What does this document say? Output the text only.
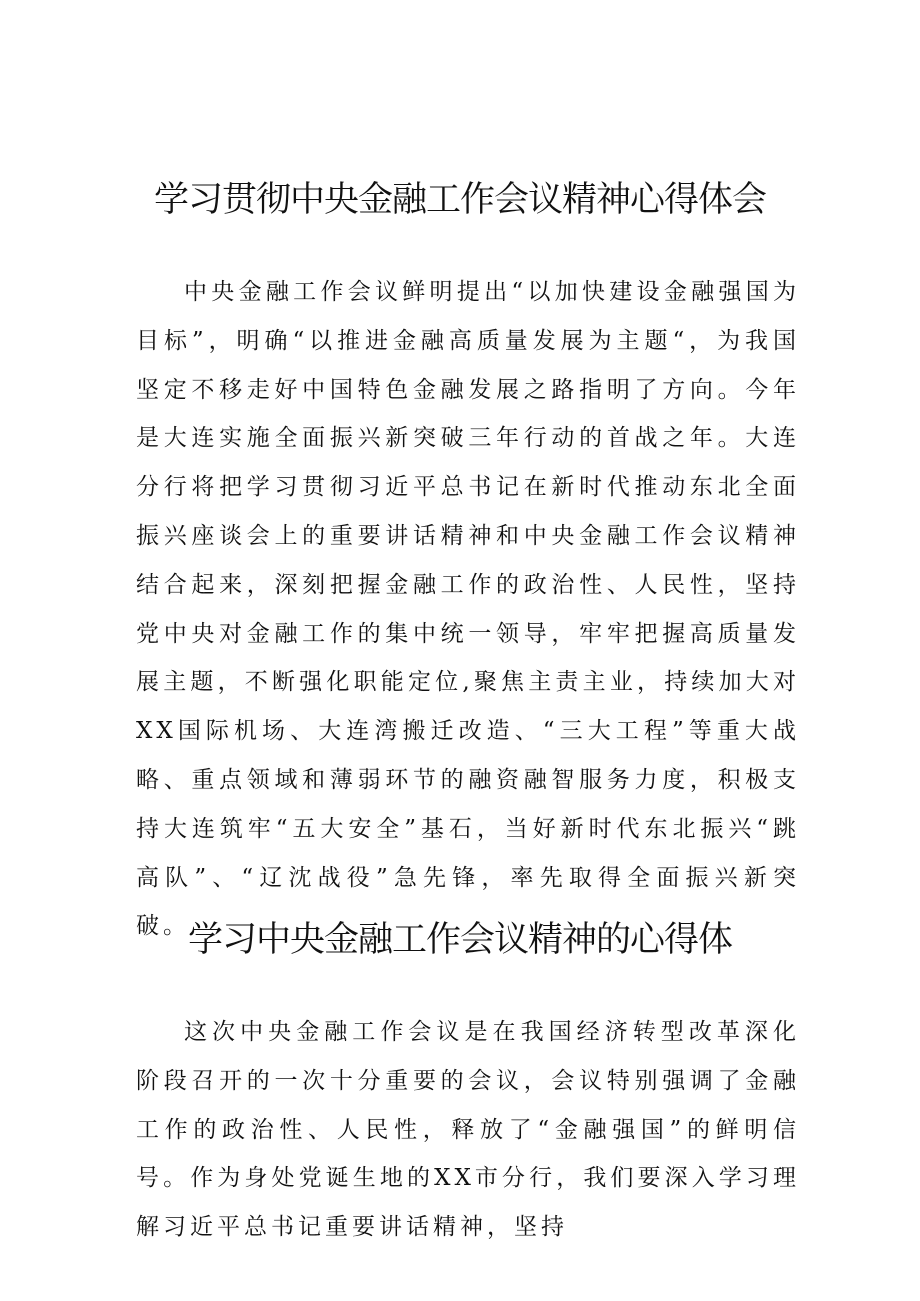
学习贯彻中央金融工作会议精神心得体会

中央金融工作会议鲜明提出“以加快建设金融强国为目标”，明确“以推进金融高质量发展为主题“，为我国坚定不移走好中国特色金融发展之路指明了方向。今年是大连实施全面振兴新突破三年行动的首战之年。大连分行将把学习贯彻习近平总书记在新时代推动东北全面振兴座谈会上的重要讲话精神和中央金融工作会议精神结合起来，深刻把握金融工作的政治性、人民性，坚持党中央对金融工作的集中统一领导，牢牢把握高质量发展主题，不断强化职能定位,聚焦主责主业，持续加大对XX国际机场、大连湾搬迁改造、“三大工程”等重大战略、重点领域和薄弱环节的融资融智服务力度，积极支持大连筑牢“五大安全”基石，当好新时代东北振兴“跳高队”、“辽沈战役”急先锋，率先取得全面振兴新突破。

学习中央金融工作会议精神的心得体

这次中央金融工作会议是在我国经济转型改革深化阶段召开的一次十分重要的会议，会议特别强调了金融工作的政治性、人民性，释放了“金融强国”的鲜明信号。作为身处党诞生地的XX市分行，我们要深入学习理解习近平总书记重要讲话精神，坚持
